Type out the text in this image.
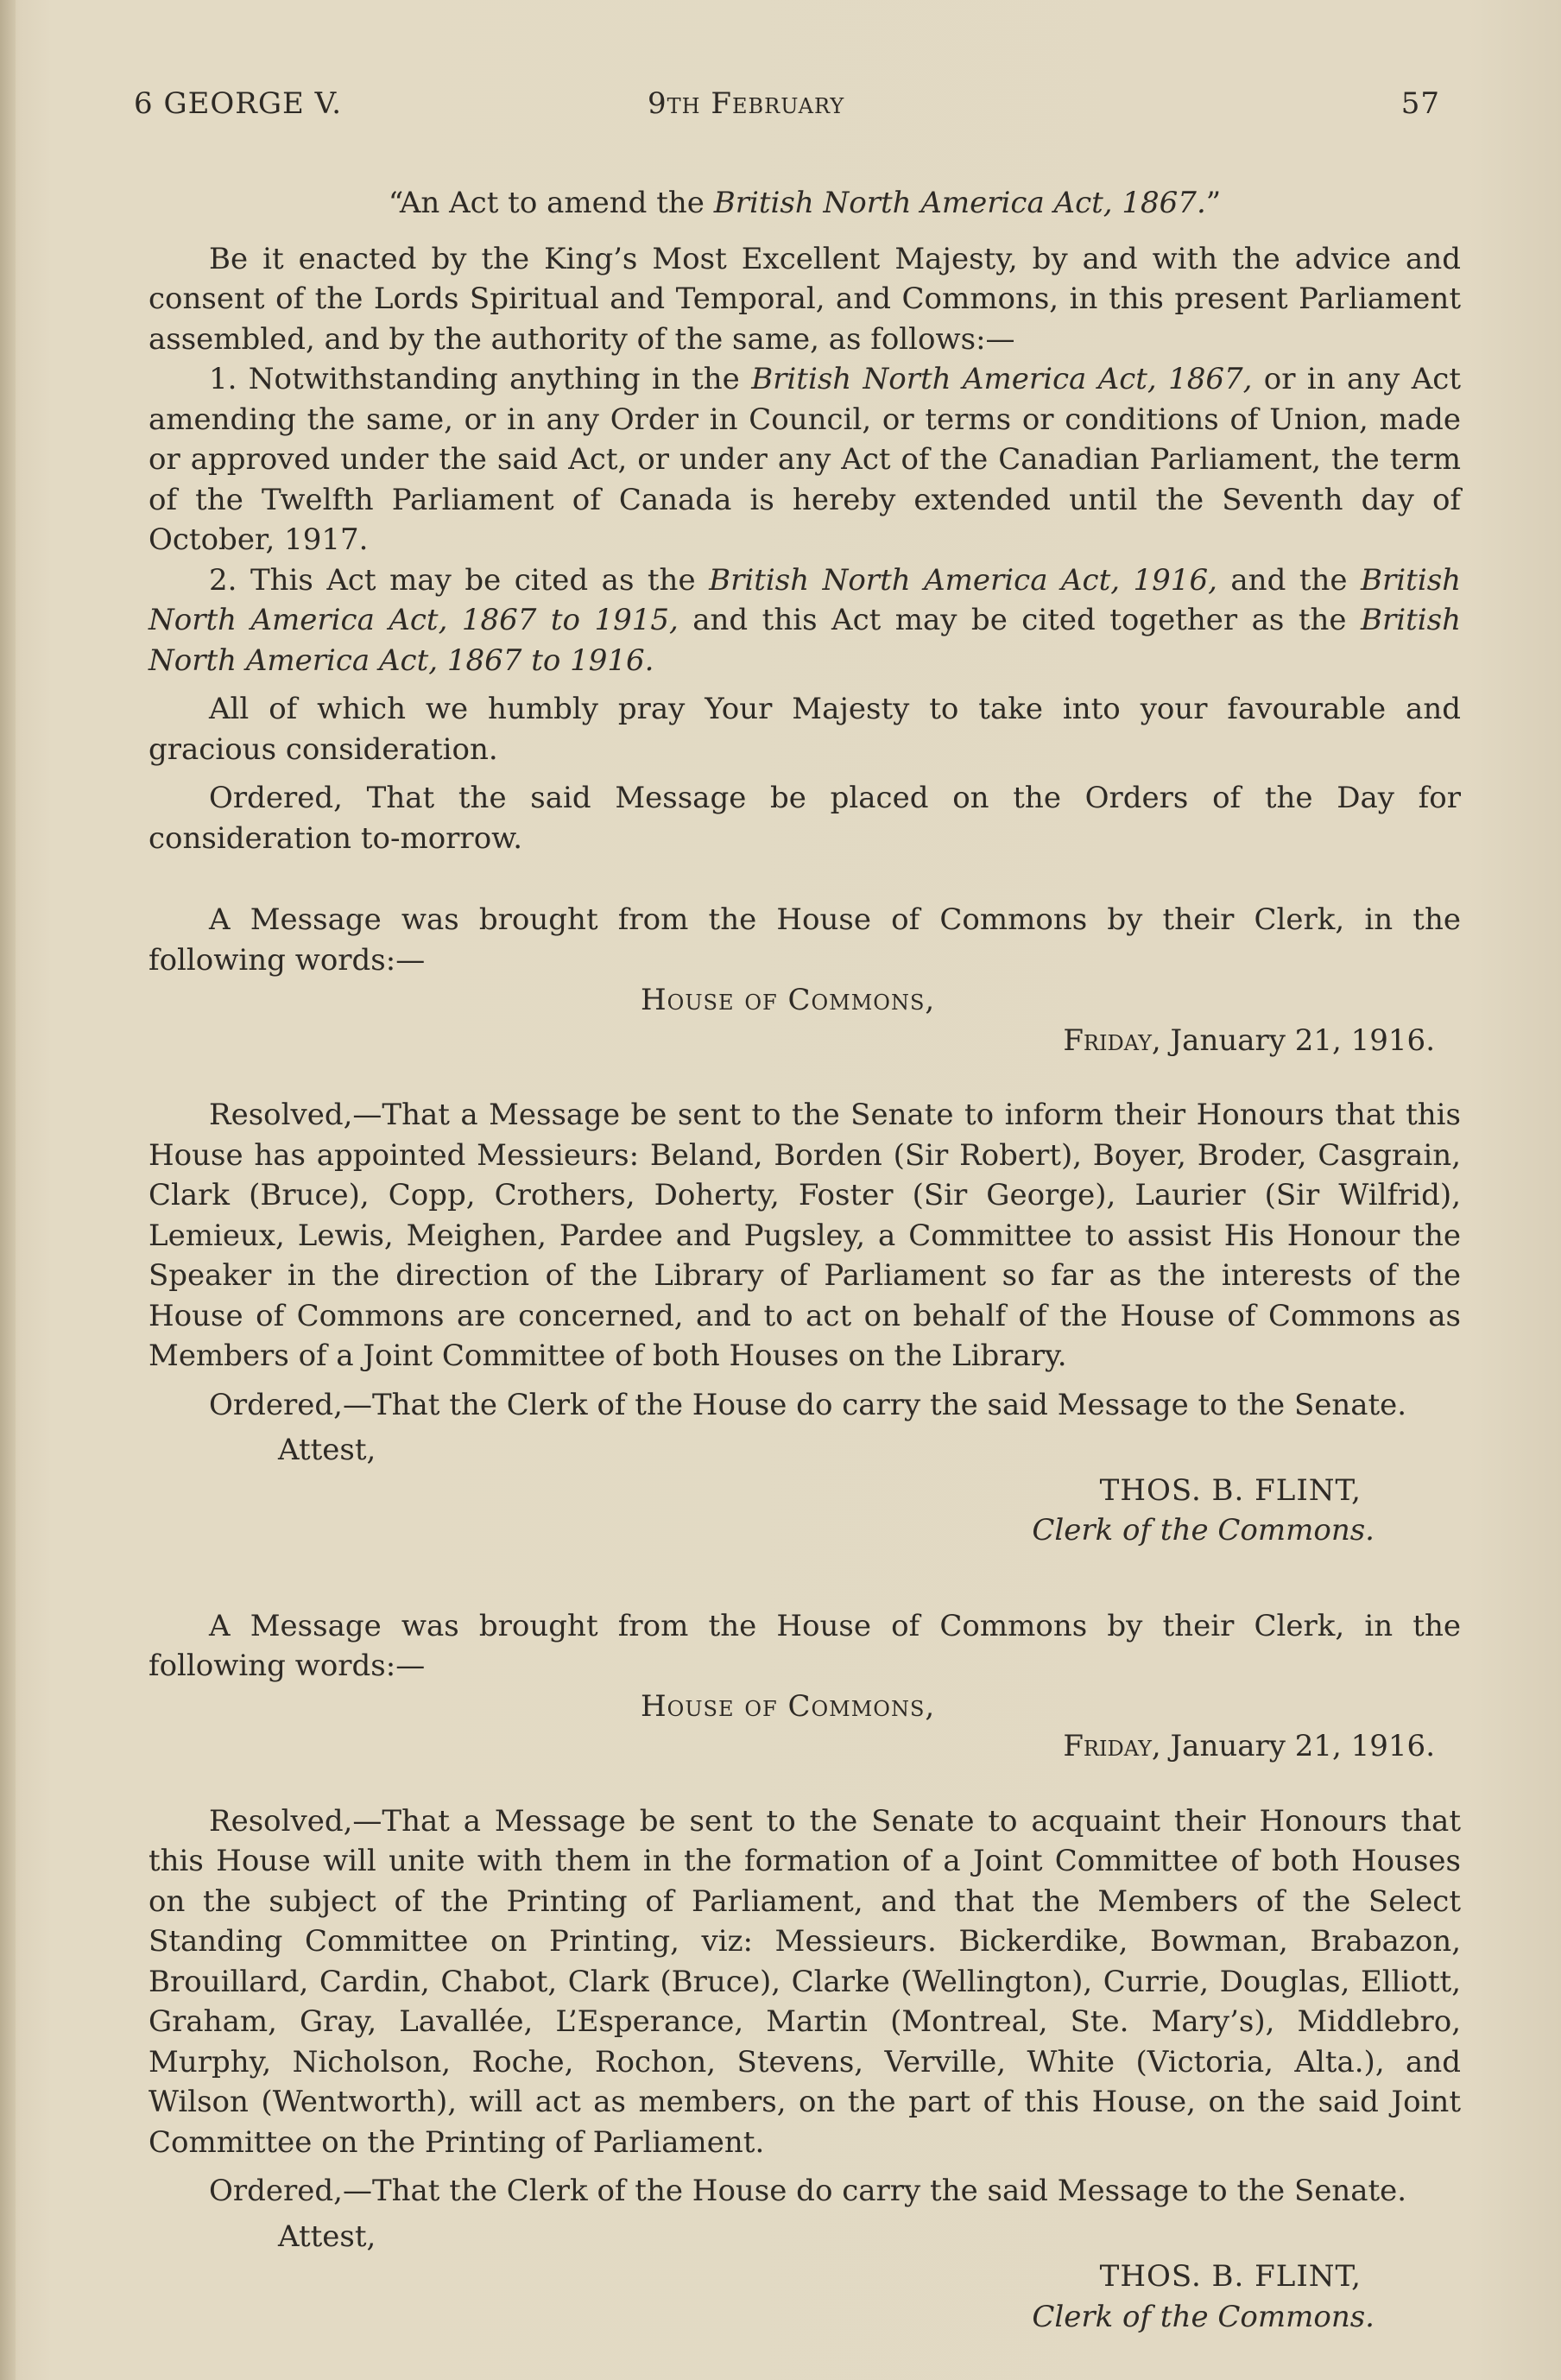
6 GEORGE V.	9th February	57

“An Act to amend the British North America Act, 1867.”

Be it enacted by the King’s Most Excellent Majesty, by and with the advice and consent of the Lords Spiritual and Temporal, and Commons, in this present Parliament assembled, and by the authority of the same, as follows:—

1. Notwithstanding anything in the British North America Act, 1867, or in any Act amending the same, or in any Order in Council, or terms or conditions of Union, made or approved under the said Act, or under any Act of the Canadian Parliament, the term of the Twelfth Parliament of Canada is hereby extended until the Seventh day of October, 1917.

2. This Act may be cited as the British North America Act, 1916, and the British North America Act, 1867 to 1915, and this Act may be cited together as the British North America Act, 1867 to 1916.

All of which we humbly pray Your Majesty to take into your favourable and gracious consideration.

Ordered, That the said Message be placed on the Orders of the Day for consideration to-morrow.

A Message was brought from the House of Commons by their Clerk, in the following words:—

House of Commons,

Friday, January 21, 1916.

Resolved,—That a Message be sent to the Senate to inform their Honours that this House has appointed Messieurs: Beland, Borden (Sir Robert), Boyer, Broder, Casgrain, Clark (Bruce), Copp, Crothers, Doherty, Foster (Sir George), Laurier (Sir Wilfrid), Lemieux, Lewis, Meighen, Pardee and Pugsley, a Committee to assist His Honour the Speaker in the direction of the Library of Parliament so far as the interests of the House of Commons are concerned, and to act on behalf of the House of Commons as Members of a Joint Committee of both Houses on the Library.

Ordered,—That the Clerk of the House do carry the said Message to the Senate.

Attest,

THOS. B. FLINT,

Clerk of the Commons.

A Message was brought from the House of Commons by their Clerk, in the following words:—

House of Commons,

Friday, January 21, 1916.

Resolved,—That a Message be sent to the Senate to acquaint their Honours that this House will unite with them in the formation of a Joint Committee of both Houses on the subject of the Printing of Parliament, and that the Members of the Select Standing Committee on Printing, viz: Messieurs. Bickerdike, Bowman, Brabazon, Brouillard, Cardin, Chabot, Clark (Bruce), Clarke (Wellington), Currie, Douglas, Elliott, Graham, Gray, Lavallée, L’Esperance, Martin (Montreal, Ste. Mary’s), Middlebro, Murphy, Nicholson, Roche, Rochon, Stevens, Verville, White (Victoria, Alta.), and Wilson (Wentworth), will act as members, on the part of this House, on the said Joint Committee on the Printing of Parliament.

Ordered,—That the Clerk of the House do carry the said Message to the Senate.

Attest,

THOS. B. FLINT,

Clerk of the Commons.
